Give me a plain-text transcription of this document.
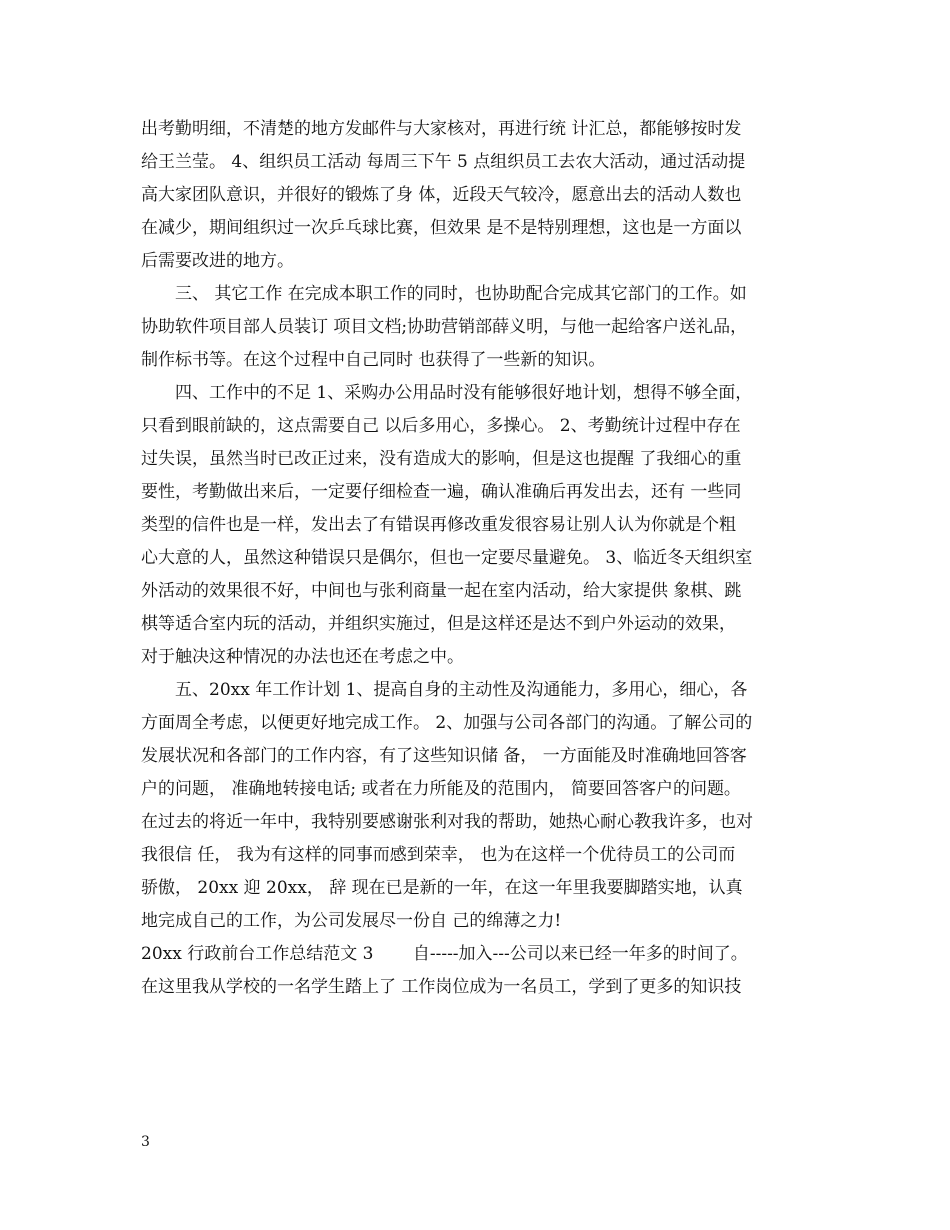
出考勤明细，不清楚的地方发邮件与大家核对，再进行统 计汇总，都能够按时发
给王兰莹。 4、组织员工活动 每周三下午 5 点组织员工去农大活动，通过活动提
高大家团队意识，并很好的锻炼了身 体，近段天气较冷，愿意出去的活动人数也
在减少，期间组织过一次乒乓球比赛，但效果 是不是特别理想，这也是一方面以
后需要改进的地方。
　　三、 其它工作 在完成本职工作的同时，也协助配合完成其它部门的工作。如
协助软件项目部人员装订 项目文档;协助营销部薛义明，与他一起给客户送礼品，
制作标书等。在这个过程中自己同时 也获得了一些新的知识。
　　四、工作中的不足 1、采购办公用品时没有能够很好地计划，想得不够全面，
只看到眼前缺的，这点需要自己 以后多用心，多操心。 2、考勤统计过程中存在
过失误，虽然当时已改正过来，没有造成大的影响，但是这也提醒 了我细心的重
要性，考勤做出来后，一定要仔细检查一遍，确认准确后再发出去，还有 一些同
类型的信件也是一样，发出去了有错误再修改重发很容易让别人认为你就是个粗
心大意的人，虽然这种错误只是偶尔，但也一定要尽量避免。 3、临近冬天组织室
外活动的效果很不好，中间也与张利商量一起在室内活动，给大家提供 象棋、跳
棋等适合室内玩的活动，并组织实施过，但是这样还是达不到户外运动的效果，
对于触决这种情况的办法也还在考虑之中。
　　五、20xx 年工作计划 1、提高自身的主动性及沟通能力，多用心，细心，各
方面周全考虑，以便更好地完成工作。 2、加强与公司各部门的沟通。了解公司的
发展状况和各部门的工作内容，有了这些知识储 备， 一方面能及时准确地回答客
户的问题， 准确地转接电话; 或者在力所能及的范围内， 简要回答客户的问题。
在过去的将近一年中，我特别要感谢张利对我的帮助，她热心耐心教我许多，也对
我很信 任， 我为有这样的同事而感到荣幸， 也为在这样一个优待员工的公司而
骄傲， 20xx 迎 20xx， 辞 现在已是新的一年，在这一年里我要脚踏实地，认真
地完成自己的工作，为公司发展尽一份自 己的绵薄之力!
20xx 行政前台工作总结范文 3 　　自-----加入---公司以来已经一年多的时间了。
在这里我从学校的一名学生踏上了 工作岗位成为一名员工，学到了更多的知识技
3
